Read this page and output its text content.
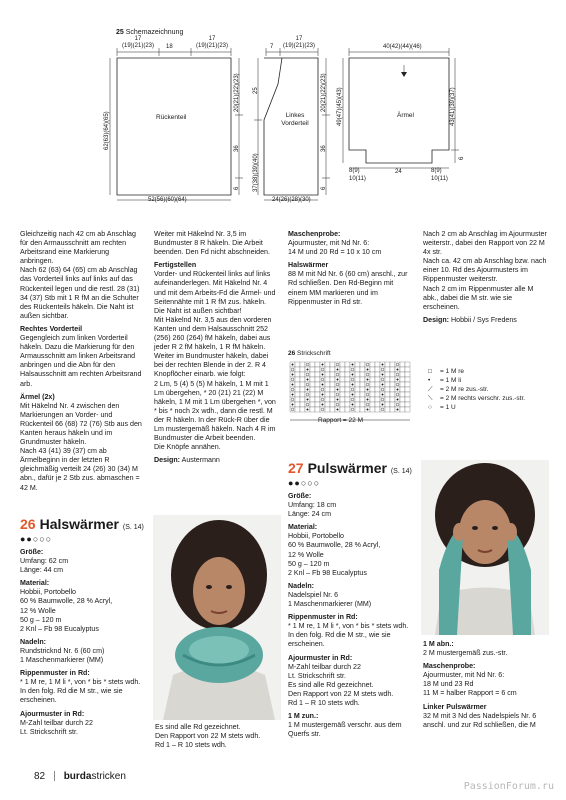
25 Schemazeichnung
17
(19)(21)(23)	18
17
(19)(21)(23)
Rückenteil
20(21)(22)(23)
36
6
62(63)(64)(65)
52(56)(60)(64)
7
17
(19)(21)(23)
Linkes
Vorderteil
20(21)(22)(23)
36
6
25
37(38)(39)(40)
24(26)(28)(30)
40(42)(44)(46)
Ärmel
49(47)(45)(43)	43(41)(39)(37)
6
8(9)
10(11)
24	8(9)
10(11)

Gleichzeitig nach 42 cm ab Anschlag für den Armausschnitt am rechten Arbeitsrand eine Markierung anbringen.
Nach 62 (63) 64 (65) cm ab Anschlag das Vorderteil links auf links auf das Rückenteil legen und die restl. 28 (31) 34 (37) Stb mit 1 R fM an die Schulter des Rückenteils häkeln. Die Naht ist außen sichtbar.

Rechtes Vorderteil

Gegengleich zum linken Vorderteil häkeln. Dazu die Markierung für den Armausschnitt am linken Arbeitsrand anbringen und die Abn für den Halsausschnitt am rechten Arbeitsrand arb.

Ärmel (2x)

Mit Häkelnd Nr. 4 zwischen den Markierungen an Vorder- und Rückenteil 66 (68) 72 (76) Stb aus den Kanten heraus häkeln und im Grundmuster häkeln.
Nach 43 (41) 39 (37) cm ab Ärmelbeginn in der letzten R gleichmäßig verteilt 24 (26) 30 (34) M abn., dafür je 2 Stb zus. abmaschen = 42 M.

Weiter mit Häkelnd Nr. 3,5 im Bundmuster 8 R häkeln. Die Arbeit beenden. Den Fd nicht abschneiden.

Fertigstellen

Vorder- und Rückenteil links auf links aufeinanderlegen. Mit Häkelnd Nr. 4 und mit dem Arbeits-Fd die Ärmel- und Seitennähte mit 1 R fM zus. häkeln. Die Naht ist außen sichtbar!
Mit Häkelnd Nr. 3,5 aus den vorderen Kanten und dem Halsausschnitt 252 (256) 260 (264) fM häkeln, dabei aus jeder R 2 fM häkeln, 1 R fM häkeln. Weiter im Bundmuster häkeln, dabei bei der rechten Blende in der 2. R 4 Knopflöcher einarb. wie folgt:
2 Lm, 5 (4) 5 (5) M häkeln, 1 M mit 1 Lm übergehen, * 20 (21) 21 (22) M häkeln, 1 M mit 1 Lm übergehen *, von * bis * noch 2x wdh., dann die restl. M der R häkeln. In der Rück-R über die Lm mustergemäß häkeln. Nach 4 R im Bundmuster die Arbeit beenden.
Die Knöpfe annähen.

Design: Austermann

Maschenprobe:

Ajourmuster, mit Nd Nr. 6:
14 M und 20 Rd = 10 x 10 cm

Halswärmer

88 M mit Nd Nr. 6 (60 cm) anschl., zur Rd schließen. Den Rd-Beginn mit einem MM markieren und im Rippenmuster in Rd str.

Nach 2 cm ab Anschlag im Ajourmuster weiterstr., dabei den Rapport von 22 M 4x str.
Nach ca. 42 cm ab Anschlag bzw. nach einer 10. Rd des Ajourmusters im Rippenmuster weiterstr.
Nach 2 cm im Rippenmuster alle M abk., dabei die M str. wie sie erscheinen.

Design: Hobbii / Sys Fredens

26 Strickschrift
Rapport = 22 M
□ = 1 M re
• = 1 M li
⟋ = 2 M re zus.-str.
⟍ = 2 M rechts verschr. zus.-str.
○ = 1 U
26 Halswärmer (S. 14)
●●○○○
Größe:

Umfang: 62 cm
Länge: 44 cm

Material:

Hobbii, Portobello
60 % Baumwolle, 28 % Acryl,
12 % Wolle
50 g – 120 m
2 Knl – Fb 98 Eucalyptus

Nadeln:

Rundstricknd Nr. 6 (60 cm)
1 Maschenmarkierer (MM)

Rippenmuster in Rd:

* 1 M re, 1 M li *, von * bis * stets wdh. In den folg. Rd die M str., wie sie erscheinen.

Ajourmuster in Rd:

M-Zahl teilbar durch 22
Lt. Strickschrift str.

Es sind alle Rd gezeichnet.
Den Rapport von 22 M stets wdh.
Rd 1 – R 10 stets wdh.
27 Pulswärmer (S. 14)
●●○○○
Größe:

Umfang: 18 cm
Länge: 24 cm

Material:

Hobbii, Portobello
60 % Baumwolle, 28 % Acryl,
12 % Wolle
50 g – 120 m
2 Knl – Fb 98 Eucalyptus

Nadeln:

Nadelspiel Nr. 6
1 Maschenmarkierer (MM)

Rippenmuster in Rd:

* 1 M re, 1 M li *, von * bis * stets wdh. In den folg. Rd die M str., wie sie erscheinen.

Ajourmuster in Rd:

M-Zahl teilbar durch 22
Lt. Strickschrift str.
Es sind alle Rd gezeichnet.
Den Rapport von 22 M stets wdh.
Rd 1 – R 10 stets wdh.

1 M zun.:

1 M mustergemäß verschr. aus dem Querfs str.

1 M abn.:

2 M mustergemäß zus.-str.

Maschenprobe:

Ajourmuster, mit Nd Nr. 6:
18 M und 23 Rd
11 M = halber Rapport = 6 cm

Linker Pulswärmer

32 M mit 3 Nd des Nadelspiels Nr. 6 anschl. und zur Rd schließen, die M

82 burdastricken
PassionForum.ru
